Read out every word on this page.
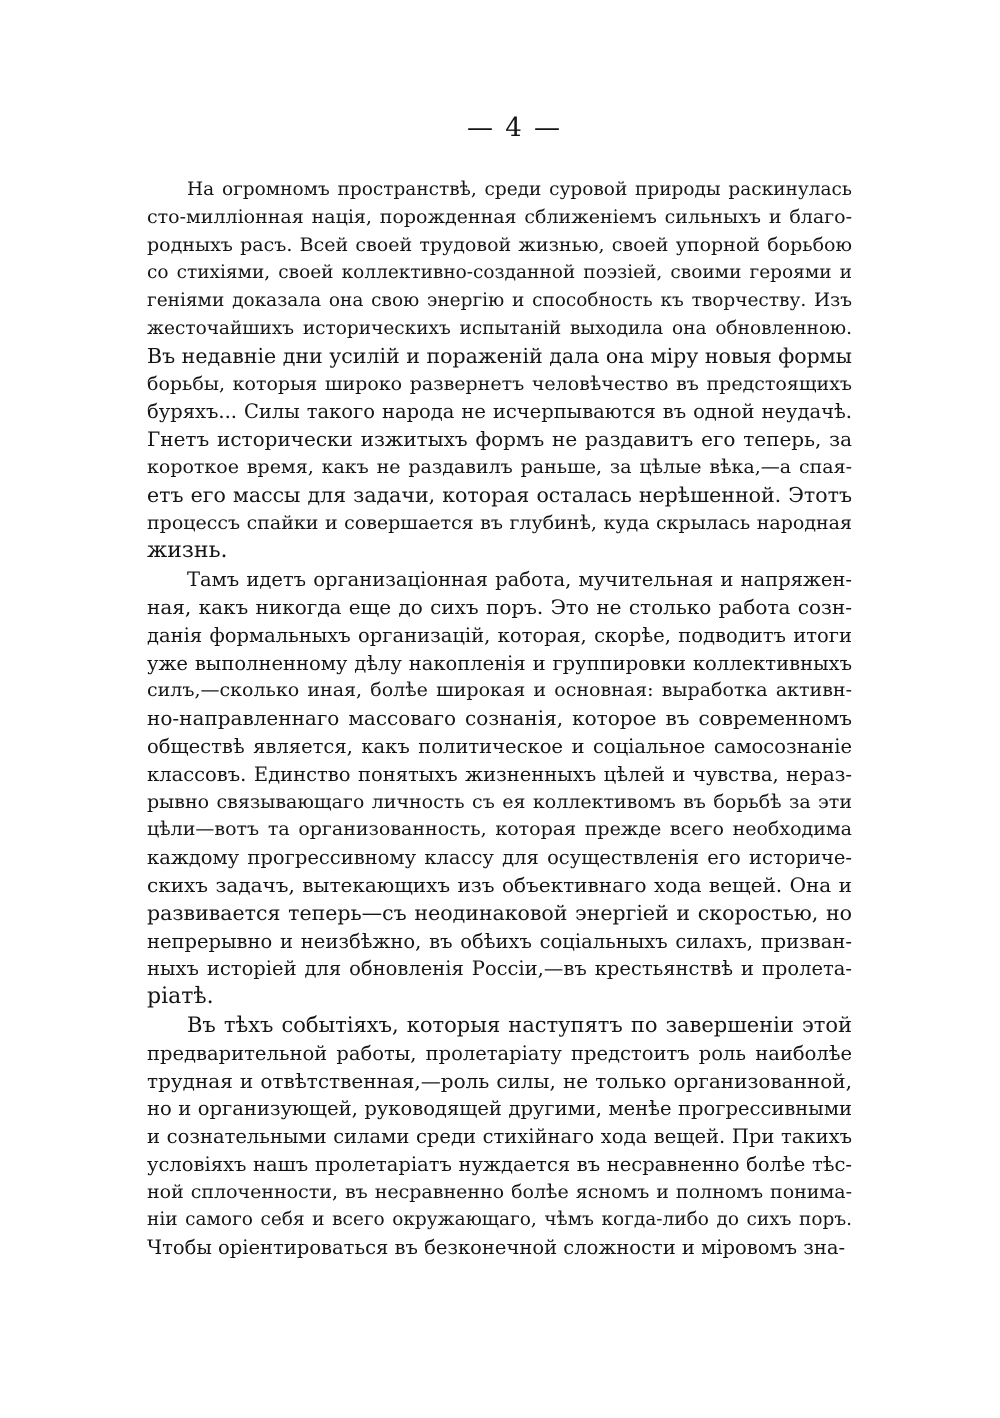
— 4 —
На огромномъ пространствѣ, среди суровой природы раскинулась
сто-милліонная нація, порожденная сближеніемъ сильныхъ и благо-
родныхъ расъ. Всей своей трудовой жизнью, своей упорной борьбою
со стихіями, своей коллективно-созданной поэзіей, своими героями и
геніями доказала она свою энергію и способность къ творчеству. Изъ
жесточайшихъ историческихъ испытаній выходила она обновленною.
Въ недавніе дни усилій и пораженій дала она міру новыя формы
борьбы, которыя широко развернетъ человѣчество въ предстоящихъ
буряхъ... Силы такого народа не исчерпываются въ одной неудачѣ.
Гнетъ исторически изжитыхъ формъ не раздавитъ его теперь, за
короткое время, какъ не раздавилъ раньше, за цѣлые вѣка,—а спая-
етъ его массы для задачи, которая осталась нерѣшенной. Этотъ
процессъ спайки и совершается въ глубинѣ, куда скрылась народная
жизнь.
Тамъ идетъ организаціонная работа, мучительная и напряжен-
ная, какъ никогда еще до сихъ поръ. Это не столько работа созн-
данія формальныхъ организацій, которая, скорѣе, подводитъ итоги
уже выполненному дѣлу накопленія и группировки коллективныхъ
силъ,—сколько иная, болѣе широкая и основная: выработка активн-
но-направленнаго массоваго сознанія, которое въ современномъ
обществѣ является, какъ политическое и соціальное самосознаніе
классовъ. Единство понятыхъ жизненныхъ цѣлей и чувства, нераз-
рывно связывающаго личность съ ея коллективомъ въ борьбѣ за эти
цѣли—вотъ та организованность, которая прежде всего необходима
каждому прогрессивному классу для осуществленія его историче-
скихъ задачъ, вытекающихъ изъ объективнаго хода вещей. Она и
развивается теперь—съ неодинаковой энергіей и скоростью, но
непрерывно и неизбѣжно, въ обѣихъ соціальныхъ силахъ, призван-
ныхъ исторіей для обновленія Россіи,—въ крестьянствѣ и пролета-
ріатѣ.
Въ тѣхъ событіяхъ, которыя наступятъ по завершеніи этой
предварительной работы, пролетаріату предстоитъ роль наиболѣе
трудная и отвѣтственная,—роль силы, не только организованной,
но и организующей, руководящей другими, менѣе прогрессивными
и сознательными силами среди стихійнаго хода вещей. При такихъ
условіяхъ нашъ пролетаріатъ нуждается въ несравненно болѣе тѣс-
ной сплоченности, въ несравненно болѣе ясномъ и полномъ понима-
ніи самого себя и всего окружающаго, чѣмъ когда-либо до сихъ поръ.
Чтобы оріентироваться въ безконечной сложности и міровомъ зна-
